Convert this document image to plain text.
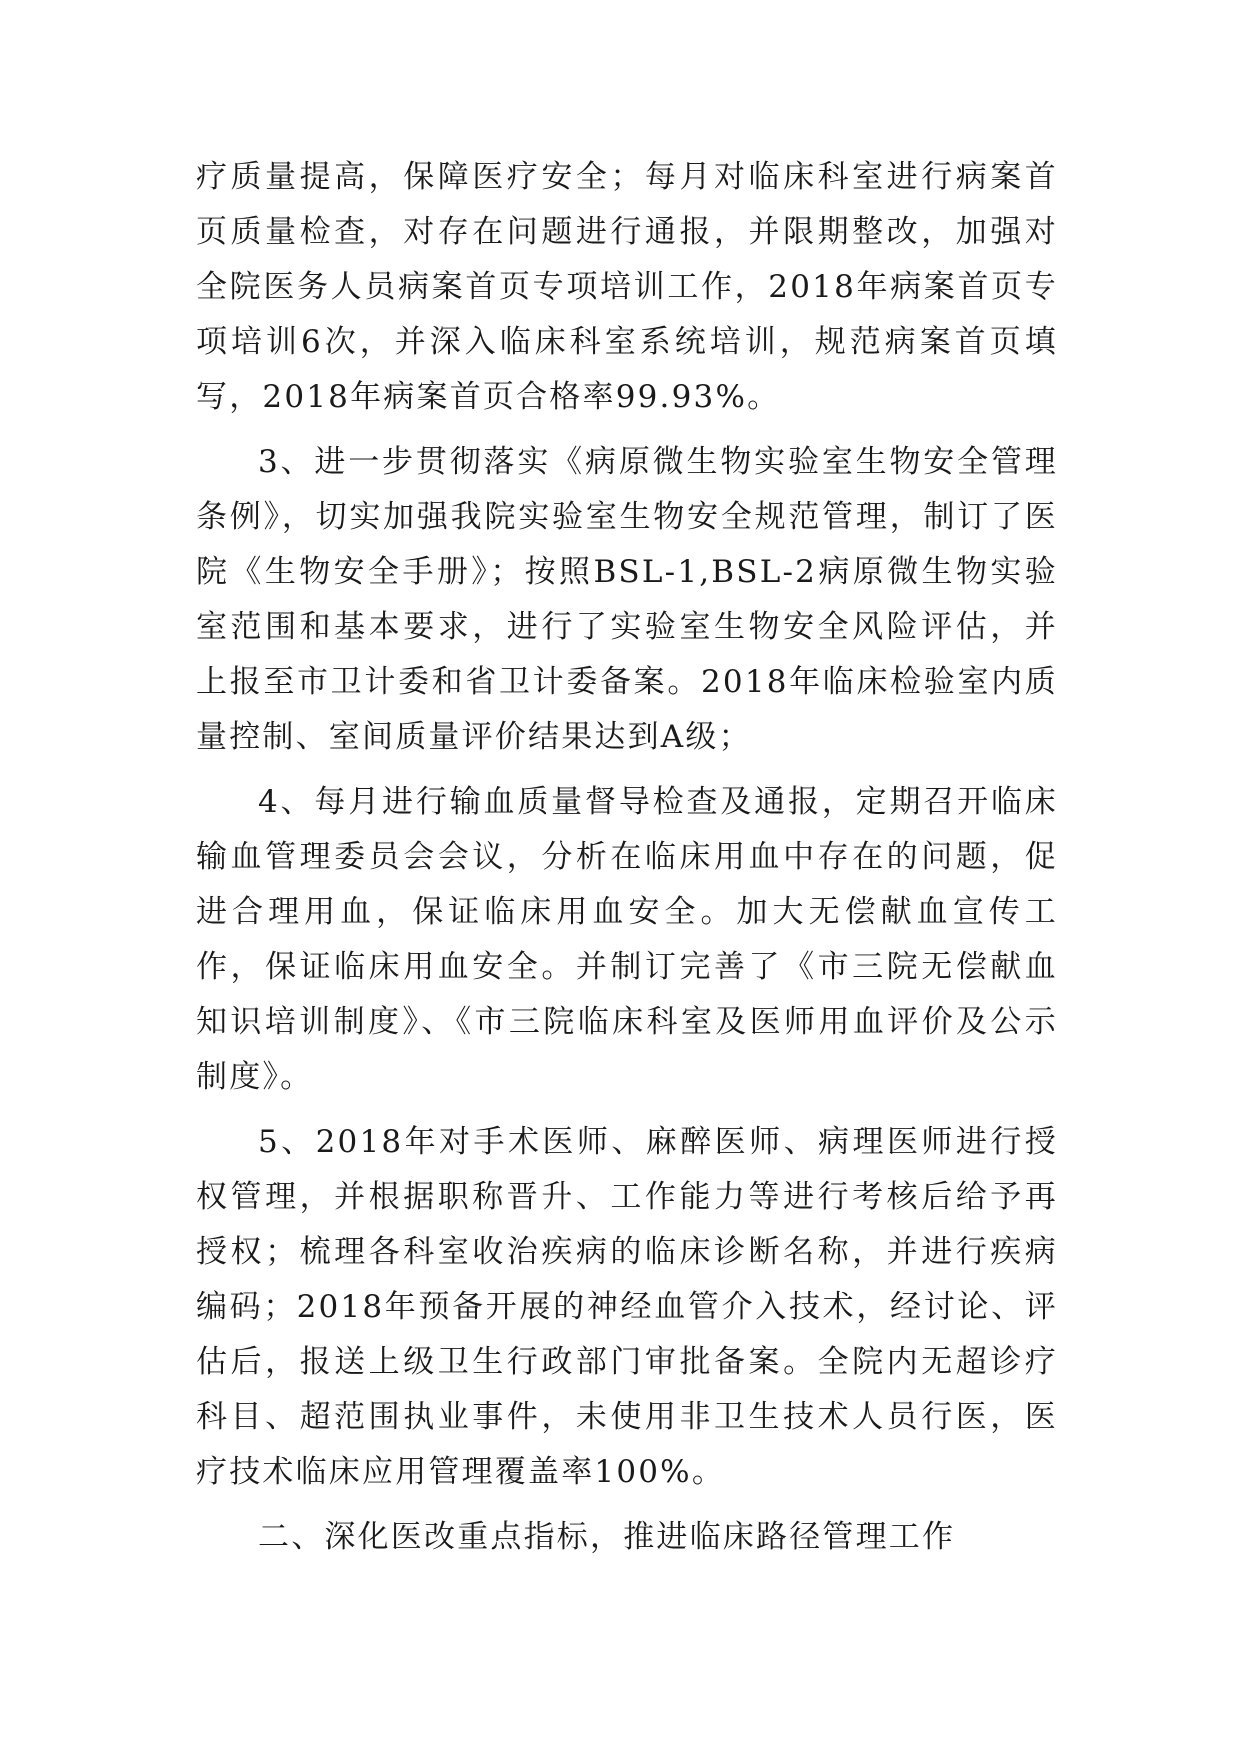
疗质量提高，保障医疗安全；每月对临床科室进行病案首页质量检查，对存在问题进行通报，并限期整改，加强对全院医务人员病案首页专项培训工作，2018年病案首页专项培训6次，并深入临床科室系统培训，规范病案首页填写，2018年病案首页合格率99.93%。

3、进一步贯彻落实《病原微生物实验室生物安全管理条例》，切实加强我院实验室生物安全规范管理，制订了医院《生物安全手册》；按照BSL-1,BSL-2病原微生物实验室范围和基本要求，进行了实验室生物安全风险评估，并上报至市卫计委和省卫计委备案。2018年临床检验室内质量控制、室间质量评价结果达到A级；

4、每月进行输血质量督导检查及通报，定期召开临床输血管理委员会会议，分析在临床用血中存在的问题，促进合理用血，保证临床用血安全。加大无偿献血宣传工作，保证临床用血安全。并制订完善了《市三院无偿献血知识培训制度》、《市三院临床科室及医师用血评价及公示制度》。

5、2018年对手术医师、麻醉医师、病理医师进行授权管理，并根据职称晋升、工作能力等进行考核后给予再授权；梳理各科室收治疾病的临床诊断名称，并进行疾病编码；2018年预备开展的神经血管介入技术，经讨论、评估后，报送上级卫生行政部门审批备案。全院内无超诊疗科目、超范围执业事件，未使用非卫生技术人员行医，医疗技术临床应用管理覆盖率100%。

二、深化医改重点指标，推进临床路径管理工作
